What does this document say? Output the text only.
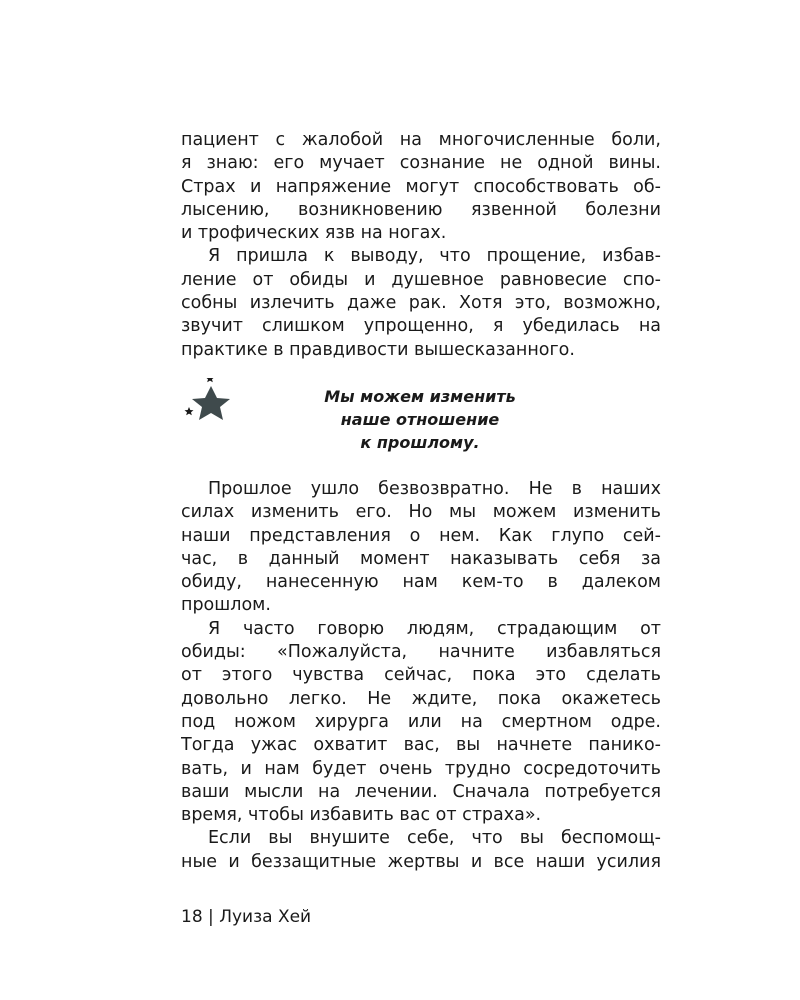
пациент с жалобой на многочисленные боли,
я знаю: его мучает сознание не одной вины.
Страх и напряжение могут способствовать об-
лысению, возникновению язвенной болезни
и трофических язв на ногах.
Я пришла к выводу, что прощение, избав-
ление от обиды и душевное равновесие спо-
собны излечить даже рак. Хотя это, возможно,
звучит слишком упрощенно, я убедилась на
практике в правдивости вышесказанного.
Мы можем изменить
наше отношение
к прошлому.
Прошлое ушло безвозвратно. Не в наших
силах изменить его. Но мы можем изменить
наши представления о нем. Как глупо сей-
час, в данный момент наказывать себя за
обиду, нанесенную нам кем-то в далеком
прошлом.
Я часто говорю людям, страдающим от
обиды: «Пожалуйста, начните избавляться
от этого чувства сейчас, пока это сделать
довольно легко. Не ждите, пока окажетесь
под ножом хирурга или на смертном одре.
Тогда ужас охватит вас, вы начнете панико-
вать, и нам будет очень трудно сосредоточить
ваши мысли на лечении. Сначала потребуется
время, чтобы избавить вас от страха».
Если вы внушите себе, что вы беспомощ-
ные и беззащитные жертвы и все наши усилия
18 | Луиза Хей
